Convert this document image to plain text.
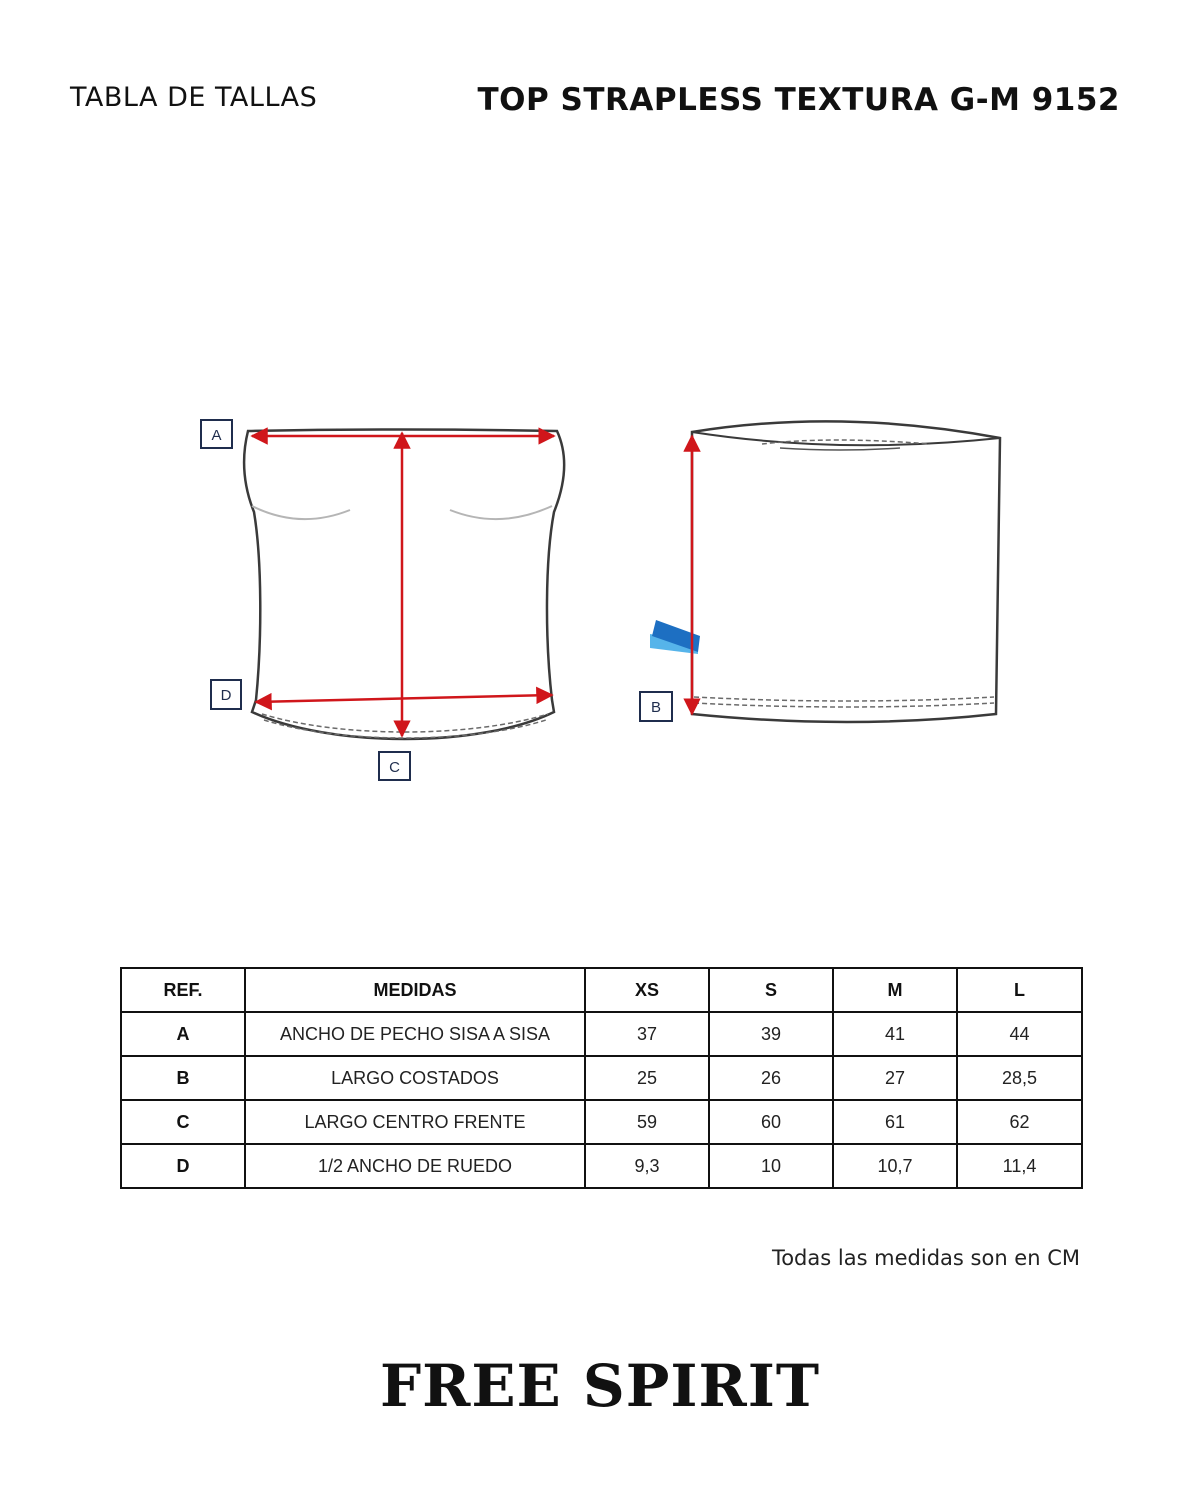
TABLA DE TALLAS	TOP STRAPLESS TEXTURA G-M 9152
A
D
C
B
REF.	MEDIDAS	XS	S	M	L
A	ANCHO DE PECHO SISA A SISA	37	39	41	44
B	LARGO COSTADOS	25	26	27	28,5
C	LARGO CENTRO FRENTE	59	60	61	62
D	1/2 ANCHO DE RUEDO	9,3	10	10,7	11,4
Todas las medidas son en CM
FREE SPIRIT
